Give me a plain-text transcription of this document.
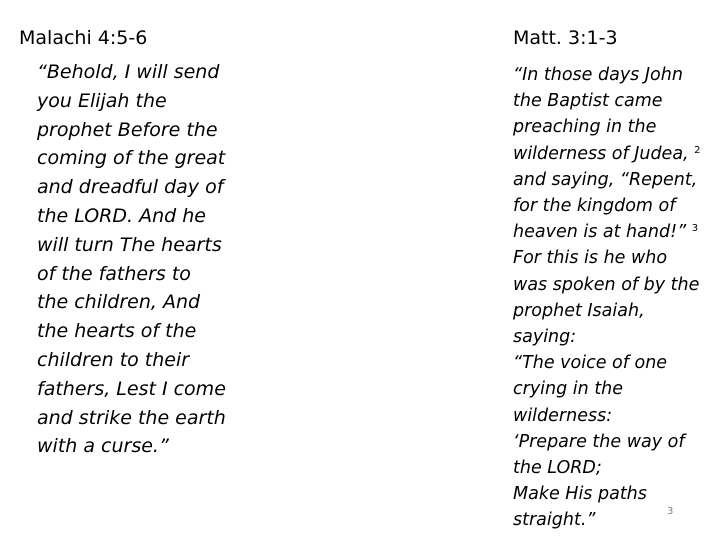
Malachi 4:5-6
“Behold, I will send
you Elijah the
prophet Before the
coming of the great
and dreadful day of
the LORD. And he
will turn The hearts
of the fathers to
the children, And
the hearts of the
children to their
fathers, Lest I come
and strike the earth
with a curse.”
Matt. 3:1-3
“In those days John
the Baptist came
preaching in the
wilderness of Judea, $^2$
and saying, “Repent,
for the kingdom of
heaven is at hand!” $^3$
For this is he who
was spoken of by the
prophet Isaiah,
saying:
“The voice of one
crying in the
wilderness:
‘Prepare the way of
the LORD;
Make His paths
straight.”	3
